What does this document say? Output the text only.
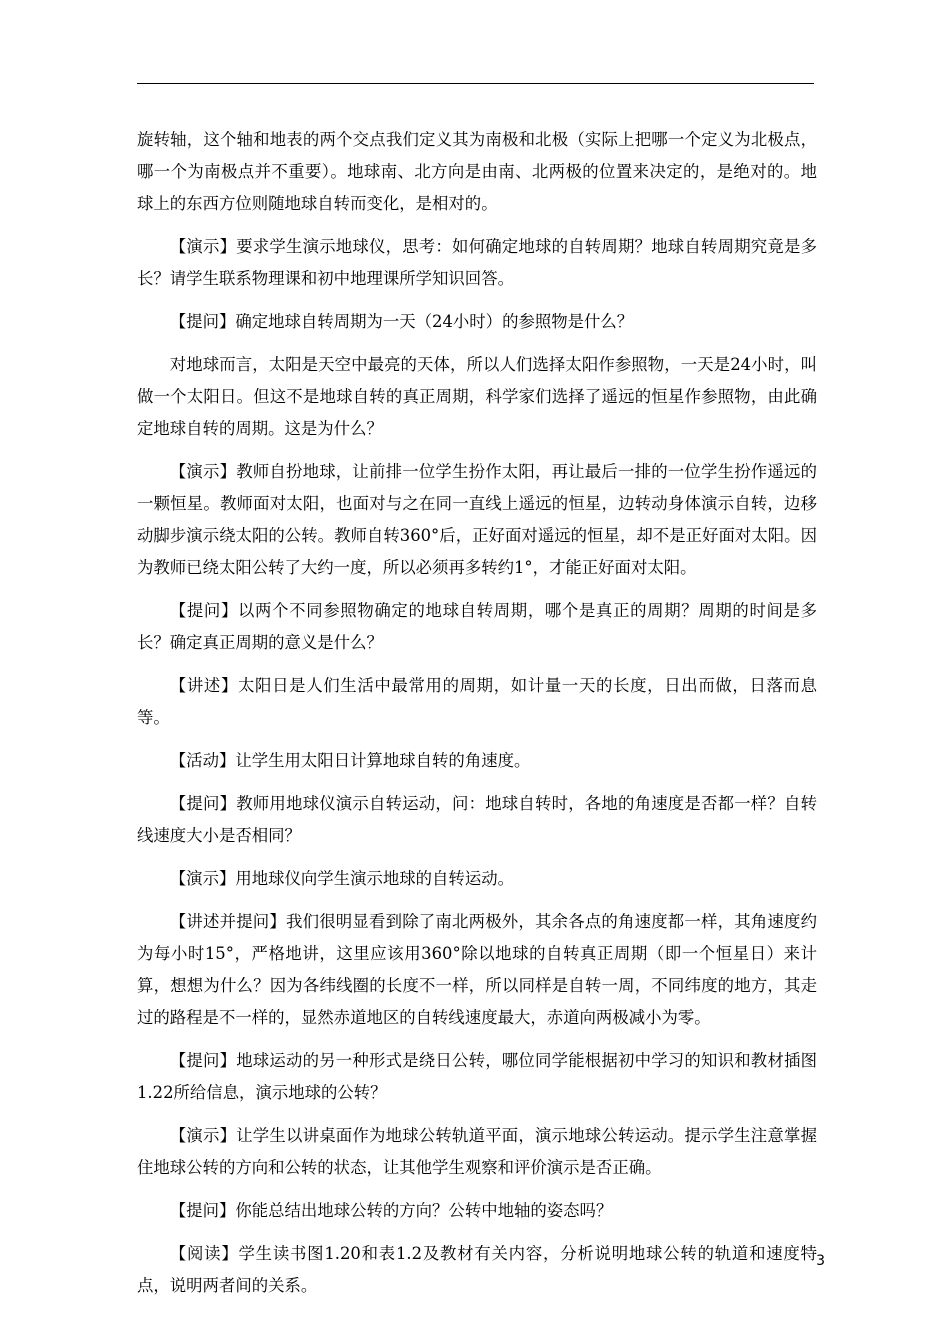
旋转轴，这个轴和地表的两个交点我们定义其为南极和北极（实际上把哪一个定义为北极点，哪一个为南极点并不重要）。地球南、北方向是由南、北两极的位置来决定的，是绝对的。地球上的东西方位则随地球自转而变化，是相对的。

【演示】要求学生演示地球仪，思考：如何确定地球的自转周期？地球自转周期究竟是多长？请学生联系物理课和初中地理课所学知识回答。

【提问】确定地球自转周期为一天（24小时）的参照物是什么？

对地球而言，太阳是天空中最亮的天体，所以人们选择太阳作参照物，一天是24小时，叫做一个太阳日。但这不是地球自转的真正周期，科学家们选择了遥远的恒星作参照物，由此确定地球自转的周期。这是为什么？

【演示】教师自扮地球，让前排一位学生扮作太阳，再让最后一排的一位学生扮作遥远的一颗恒星。教师面对太阳，也面对与之在同一直线上遥远的恒星，边转动身体演示自转，边移动脚步演示绕太阳的公转。教师自转360°后，正好面对遥远的恒星，却不是正好面对太阳。因为教师已绕太阳公转了大约一度，所以必须再多转约1°，才能正好面对太阳。

【提问】以两个不同参照物确定的地球自转周期，哪个是真正的周期？周期的时间是多长？确定真正周期的意义是什么？

【讲述】太阳日是人们生活中最常用的周期，如计量一天的长度，日出而做，日落而息等。

【活动】让学生用太阳日计算地球自转的角速度。

【提问】教师用地球仪演示自转运动，问：地球自转时，各地的角速度是否都一样？自转线速度大小是否相同？

【演示】用地球仪向学生演示地球的自转运动。

【讲述并提问】我们很明显看到除了南北两极外，其余各点的角速度都一样，其角速度约为每小时15°，严格地讲，这里应该用360°除以地球的自转真正周期（即一个恒星日）来计算，想想为什么？因为各纬线圈的长度不一样，所以同样是自转一周，不同纬度的地方，其走过的路程是不一样的，显然赤道地区的自转线速度最大，赤道向两极减小为零。

【提问】地球运动的另一种形式是绕日公转，哪位同学能根据初中学习的知识和教材插图1.22所给信息，演示地球的公转？

【演示】让学生以讲桌面作为地球公转轨道平面，演示地球公转运动。提示学生注意掌握住地球公转的方向和公转的状态，让其他学生观察和评价演示是否正确。

【提问】你能总结出地球公转的方向？公转中地轴的姿态吗？

【阅读】学生读书图1.20和表1.2及教材有关内容，分析说明地球公转的轨道和速度特点，说明两者间的关系。

3
